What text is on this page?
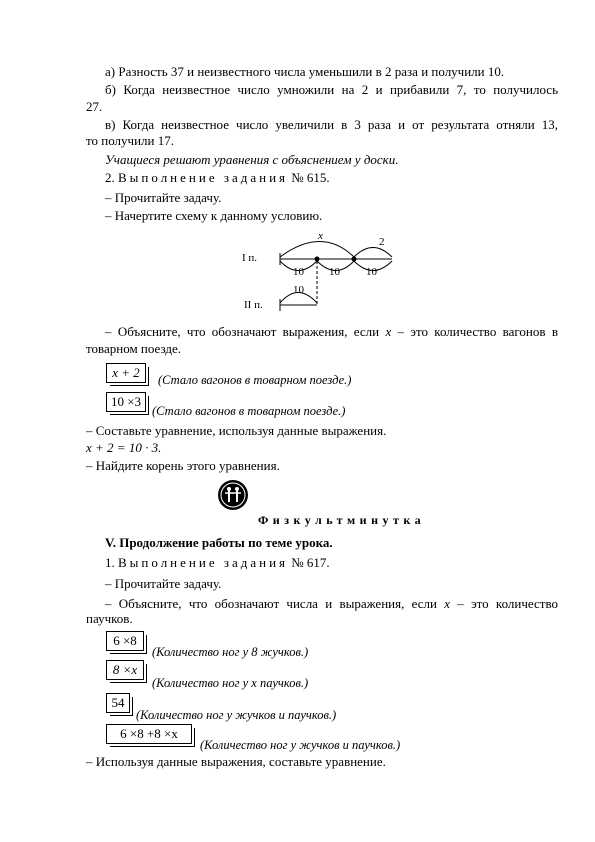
а) Разность 37 и неизвестного числа уменьшили в 2 раза и получили 10.
б) Когда неизвестное число умножили на 2 и прибавили 7, то получилось
27.
в) Когда неизвестное число увеличили в 3 раза и от результата отняли 13,
то получили 17.
Учащиеся решают уравнения с объяснением у доски.
2. Выполнение задания № 615.
– Прочитайте задачу.
– Начертите схему к данному условию.
I п.
x	2
10 10 10
II п.
10
– Объясните, что обозначают выражения, если x – это количество вагонов в
товарном поезде.
x + 2	(Стало вагонов в товарном поезде.)
10 ×3
(Стало вагонов в товарном поезде.)
– Составьте уравнение, используя данные выражения.
x + 2 = 10 · 3.
– Найдите корень этого уравнения.
Физкультминутка
V. Продолжение работы по теме урока.
1. Выполнение задания № 617.
– Прочитайте задачу.
– Объясните, что обозначают числа и выражения, если x – это количество
паучков.
6 ×8
(Количество ног у 8 жучков.)
8 ×x
(Количество ног у x паучков.)
54
(Количество ног у жучков и паучков.)
6 ×8 +8 ×x
(Количество ног у жучков и паучков.)
– Используя данные выражения, составьте уравнение.
